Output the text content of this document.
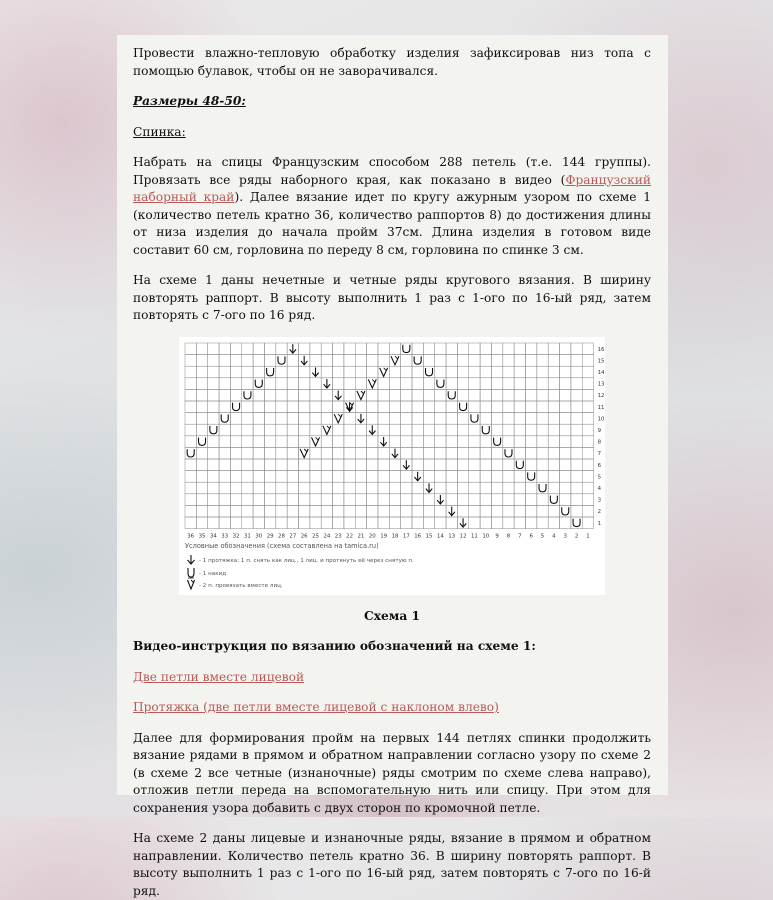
Провести влажно-тепловую обработку изделия зафиксировав низ топа с помощью булавок, чтобы он не заворачивался.

Размеры 48-50:

Спинка:

Набрать на спицы Французским способом 288 петель (т.е. 144 группы). Провязать все ряды наборного края, как показано в видео (Французский наборный край). Далее вязание идет по кругу ажурным узором по схеме 1 (количество петель кратно 36, количество раппортов 8) до достижения длины от низа изделия до начала пройм 37см. Длина изделия в готовом виде составит 60 см, горловина по переду 8 см, горловина по спинке 3 см.

На схеме 1 даны нечетные и четные ряды кругового вязания. В ширину повторять раппорт. В высоту выполнить 1 раз с 1-ого по 16-ый ряд, затем повторять с 7-ого по 16 ряд.

36 35 34 33 32 31 30 29 28 27 26 25 24 23 22 21 20 19 18 17 16 15 14 13 12 11 10 9 8 7 6 5 4 3 2 1
16
15
14
13
12
11
10
9
8
7
6
5
4
3
2
1
Условные обозначения (схема составлена на tamica.ru)
- 1 протяжка: 1 п. снять как лиц., 1 лиц. и протянуть её через снятую п.
- 1 накид
- 2 п. провязать вместе лиц.

Схема 1

Видео-инструкция по вязанию обозначений на схеме 1:

Две петли вместе лицевой

Протяжка (две петли вместе лицевой с наклоном влево)

Далее для формирования пройм на первых 144 петлях спинки продолжить вязание рядами в прямом и обратном направлении согласно узору по схеме 2 (в схеме 2 все четные (изнаночные) ряды смотрим по схеме слева направо), отложив петли переда на вспомогательную нить или спицу. При этом для сохранения узора добавить с двух сторон по кромочной петле.

На схеме 2 даны лицевые и изнаночные ряды, вязание в прямом и обратном направлении. Количество петель кратно 36. В ширину повторять раппорт. В высоту выполнить 1 раз с 1-ого по 16-ый ряд, затем повторять с 7-ого по 16-й ряд.
